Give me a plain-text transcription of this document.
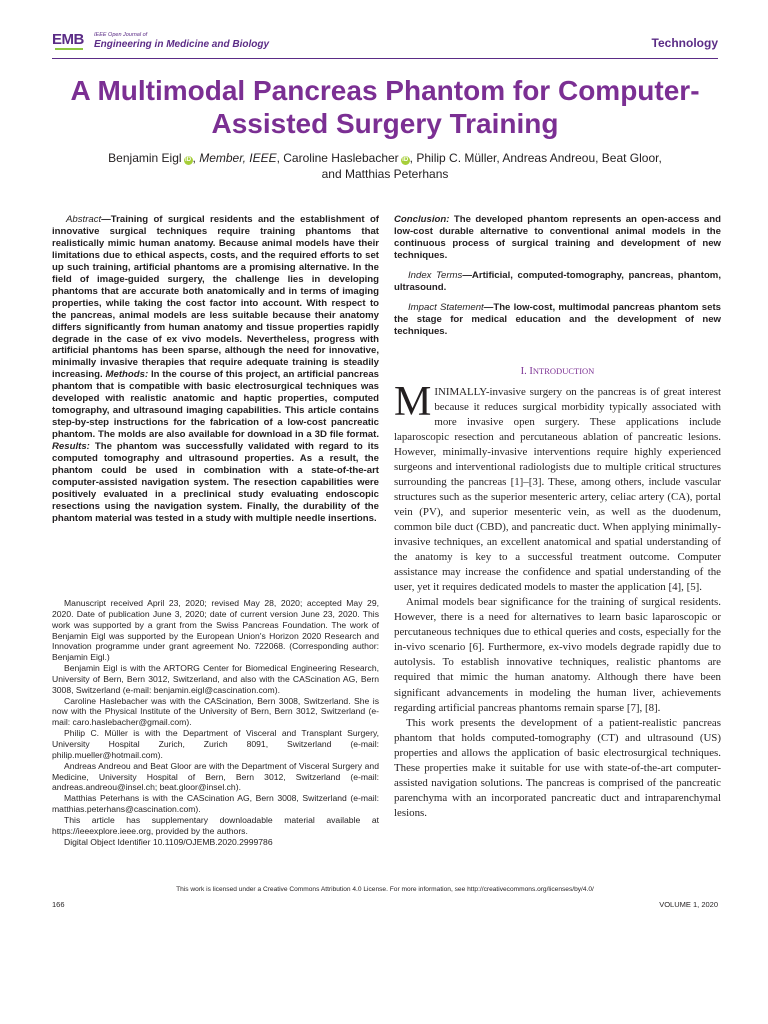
EMB IEEE Open Journal of
Engineering in Medicine and Biology	Technology
A Multimodal Pancreas Phantom for Computer-Assisted Surgery Training
Benjamin Eigl iD , Member, IEEE, Caroline Haslebacher iD , Philip C. Müller, Andreas Andreou, Beat Gloor,
and Matthias Peterhans

Abstract—Training of surgical residents and the establishment of innovative surgical techniques require training phantoms that realistically mimic human anatomy. Because animal models have their limitations due to ethical aspects, costs, and the required efforts to set up such training, artificial phantoms are a promising alternative. In the field of image-guided surgery, the challenge lies in developing phantoms that are accurate both anatomically and in terms of imaging properties, while taking the cost factor into account. With respect to the pancreas, animal models are less suitable because their anatomy differs significantly from human anatomy and tissue properties rapidly degrade in the case of ex vivo models. Nevertheless, progress with artificial phantoms has been sparse, although the need for innovative, minimally invasive therapies that require adequate training is steadily increasing. Methods: In the course of this project, an artificial pancreas phantom that is compatible with basic electrosurgical techniques was developed with realistic anatomic and haptic properties, computed tomography, and ultrasound imaging capabilities. This article contains step-by-step instructions for the fabrication of a low-cost pancreatic phantom. The molds are also available for download in a 3D file format. Results: The phantom was successfully validated with regard to its computed tomography and ultrasound properties. As a result, the phantom could be used in combination with a state-of-the-art computer-assisted navigation system. The resection capabilities were positively evaluated in a preclinical study evaluating endoscopic resections using the navigation system. Finally, the durability of the phantom material was tested in a study with multiple needle insertions.

Manuscript received April 23, 2020; revised May 28, 2020; accepted May 29, 2020. Date of publication June 3, 2020; date of current version June 23, 2020. This work was supported by a grant from the Swiss Pancreas Foundation. The work of Benjamin Eigl was supported by the European Union's Horizon 2020 Research and Innovation programme under grant agreement No. 722068. (Corresponding author: Benjamin Eigl.)

Benjamin Eigl is with the ARTORG Center for Biomedical Engineering Research, University of Bern, Bern 3012, Switzerland, and also with the CAScination AG, Bern 3008, Switzerland (e-mail: benjamin.eigl@cascination.com).

Caroline Haslebacher was with the CAScination, Bern 3008, Switzerland. She is now with the Physical Institute of the University of Bern, Bern 3012, Switzerland (e-mail: caro.haslebacher@gmail.com).

Philip C. Müller is with the Department of Visceral and Transplant Surgery, University Hospital Zurich, Zurich 8091, Switzerland (e-mail: philip.mueller@hotmail.com).

Andreas Andreou and Beat Gloor are with the Department of Visceral Surgery and Medicine, University Hospital of Bern, Bern 3012, Switzerland (e-mail: andreas.andreou@insel.ch; beat.gloor@insel.ch).

Matthias Peterhans is with the CAScination AG, Bern 3008, Switzerland (e-mail: matthias.peterhans@cascination.com).

This article has supplementary downloadable material available at https://ieeexplore.ieee.org, provided by the authors.

Digital Object Identifier 10.1109/OJEMB.2020.2999786

Conclusion: The developed phantom represents an open-access and low-cost durable alternative to conventional animal models in the continuous process of surgical training and development of new techniques.

Index Terms—Artificial, computed-tomography, pancreas, phantom, ultrasound.

Impact Statement—The low-cost, multimodal pancreas phantom sets the stage for medical education and the development of new techniques.

I. INTRODUCTION

MINIMALLY-invasive surgery on the pancreas is of great interest because it reduces surgical morbidity typically associated with more invasive open surgery. These applications include laparoscopic resection and percutaneous ablation of pancreatic lesions. However, minimally-invasive interventions require highly experienced surgeons and interventional radiologists due to multiple critical structures surrounding the pancreas [1]–[3]. These, among others, include vascular structures such as the superior mesenteric artery, celiac artery (CA), portal vein (PV), and superior mesenteric vein, as well as the duodenum, common bile duct (CBD), and pancreatic duct. When applying minimally-invasive techniques, an excellent anatomical and spatial understanding of the anatomy is key to a successful treatment outcome. Computer assistance may increase the confidence and spatial understanding of the user, yet it requires dedicated models to master the application [4], [5].

Animal models bear significance for the training of surgical residents. However, there is a need for alternatives to learn basic laparoscopic or percutaneous techniques due to ethical queries and costs, especially for the in-vivo scenario [6]. Furthermore, ex-vivo models degrade rapidly due to autolysis. To establish innovative techniques, realistic phantoms are required that mimic the human anatomy. Although there have been significant advancements in modeling the human liver, achievements regarding artificial pancreas phantoms remain sparse [7], [8].

This work presents the development of a patient-realistic pancreas phantom that holds computed-tomography (CT) and ultrasound (US) properties and allows the application of basic electrosurgical techniques. These properties make it suitable for use with state-of-the-art computer-assisted navigation solutions. The pancreas is comprised of the pancreatic parenchyma with an incorporated pancreatic duct and intraparenchymal lesions.

This work is licensed under a Creative Commons Attribution 4.0 License. For more information, see http://creativecommons.org/licenses/by/4.0/
166	VOLUME 1, 2020
